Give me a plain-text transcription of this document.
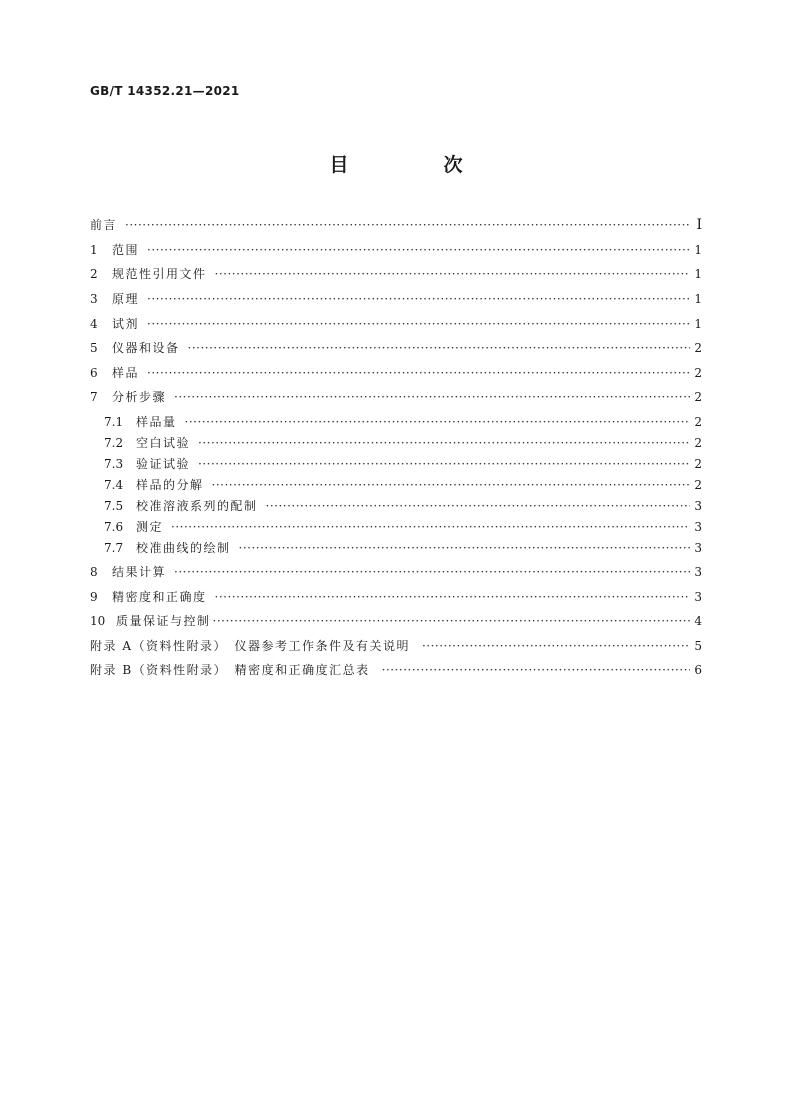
GB/T 14352.21—2021
目　次
前言 ·····	Ⅰ
1	范围 ·····	1
2	规范性引用文件 ·····	1
3	原理 ·····	1
4	试剂 ·····	1
5	仪器和设备 ·····	2
6	样品 ·····	2
7	分析步骤 ·····	2
7.1	样品量 ·····	2
7.2	空白试验 ·····	2
7.3	验证试验 ·····	2
7.4	样品的分解 ·····	2
7.5	校准溶液系列的配制 ·····	3
7.6	测定 ·····	3
7.7	校准曲线的绘制 ·····	3
8	结果计算 ·····	3
9	精密度和正确度 ·····	3
10 质量保证与控制 ·····	4
附录 A（资料性附录）　仪器参考工作条件及有关说明 ·····	5
附录 B（资料性附录）　精密度和正确度汇总表 ·····	6
